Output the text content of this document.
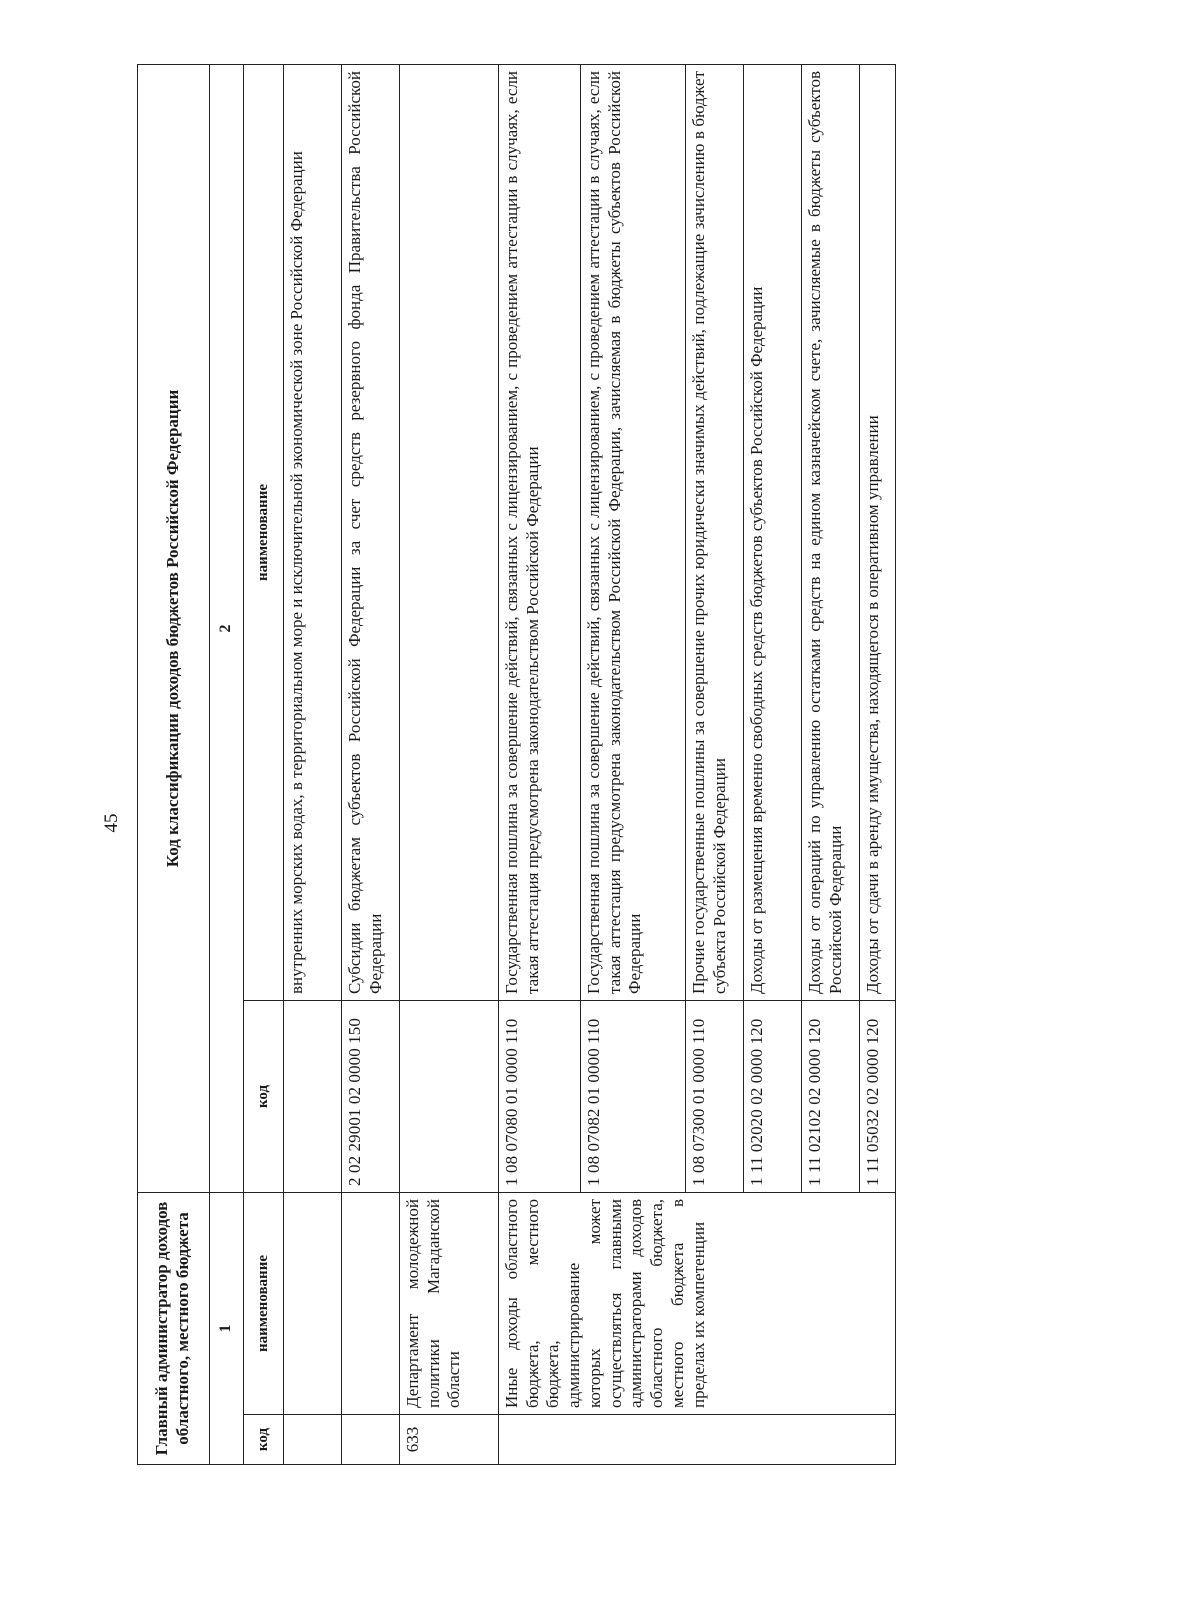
45
Главный администратор доходов областного, местного бюджета		Код классификации доходов бюджетов Российской Федерации	
1		2	
код	наименование	код	наименование
			внутренних морских водах, в территориальном море и исключительной экономической зоне Российской Федерации
		2 02 29001 02 0000 150	Субсидии бюджетам субъектов Российской Федерации за счет средств резервного фонда Правительства Российской Федерации
633	Департамент молодежной политики Магаданской области		
	Иные доходы областного бюджета, местного бюджета, администрирование которых может осуществляться главными администраторами доходов областного бюджета, местного бюджета в пределах их компетенции	1 08 07080 01 0000 110	Государственная пошлина за совершение действий, связанных с лицензированием, с проведением аттестации в случаях, если такая аттестация предусмотрена законодательством Российской Федерации
		1 08 07082 01 0000 110	Государственная пошлина за совершение действий, связанных с лицензированием, с проведением аттестации в случаях, если такая аттестация предусмотрена законодательством Российской Федерации, зачисляемая в бюджеты субъектов Российской Федерации
		1 08 07300 01 0000 110	Прочие государственные пошлины за совершение прочих юридически значимых действий, подлежащие зачислению в бюджет субъекта Российской Федерации
		1 11 02020 02 0000 120	Доходы от размещения временно свободных средств бюджетов субъектов Российской Федерации
		1 11 02102 02 0000 120	Доходы от операций по управлению остатками средств на едином казначейском счете, зачисляемые в бюджеты субъектов Российской Федерации
		1 11 05032 02 0000 120	Доходы от сдачи в аренду имущества, находящегося в оперативном управлении
